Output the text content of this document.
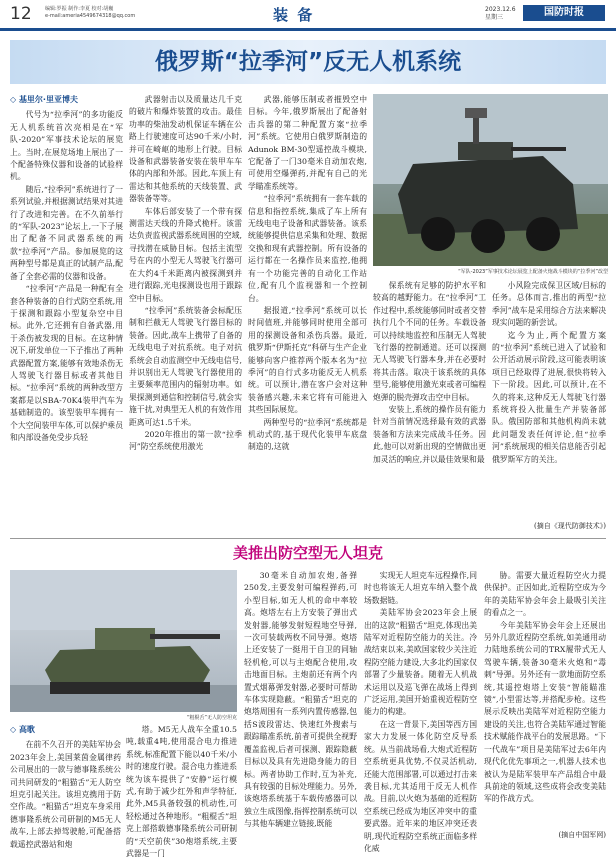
12	编辑:罗振 制作:李夏 校对:胡巍
e-mail:ameria4549674318@qq.com	装 备	2023.12.6
星期三	国防时报
俄罗斯“拉季河”反无人机系统
◇ 基里尔·里亚博夫

代号为“拉季河”的多功能反无人机系统首次亮相是在“军队-2020”军事技术论坛的展览上。当时,在展览场地上展出了一个配备特殊仪器和设备的试验样机。

随后,“拉季河”系统进行了一系列试验,并根据测试结果对其进行了改进和完善。在不久前举行的“军队-2023”论坛上,一下子展出了配备不同武器系统的两款“拉季河”产品。参加展览的这两种型号都是真正的试制产品,配备了全套必需的仪器和设备。

“拉季河”产品是一种配有全套各种装备的自行式防空系统,用于探测和跟踪小型复杂空中目标。此外,它还拥有自备武器,用于杀伤被发现的目标。在这种情况下,研发单位一下子推出了两种武器配置方案,能够有效地杀伤无人驾驶飞行器目标或者其他目标。“拉季河”系统的两种改型方案都是以SBA-70K4装甲汽车为基础制造的。该型装甲车拥有一个大空间装甲车体,可以保护乘员和内部设备免受步兵轻

武器射击以及质量达几千克的破片和爆炸装置的攻击。最佳功率的柴油发动机保证车辆在公路上行驶速度可达90千米/小时,并可在崎岖的地形上行驶。目标设备和武器装备安装在装甲车车体的内部和外部。因此,车顶上有雷达和其他系统的天线装置、武器装备等等。

车体后部安装了一个带有探测雷达天线的升降式桅杆。该雷达负责监视武器系统周围的空域,寻找潜在威胁目标。包括主流型号在内的小型无人驾驶飞行器可在大约4千米距离内被探测到并进行跟踪,光电探测设也用于跟踪空中目标。

“拉季河”系统装备会标配压制和拦截无人驾驶飞行器目标的装备。因此,战车上携带了自备的无线电电子对抗系统。电子对抗系统会自动监测空中无线电信号,并识别出无人驾驶飞行器使用的主要频率范围内的辐射功率。如果探测到通信和控制信号,就会实施干扰,对典型无人机的有效作用距离可达1.5千米。

2020年推出的第一款“拉季河”防空系统使用激光

武器,能够压制或者摧毁空中目标。今年,俄罗斯展出了配备射击兵器的第二种配置方案“拉季河”系统。它使用白俄罗斯制造的Adunok BM-30型遥控战斗模块,它配备了一门30毫米自动加农炮,可使用空爆弹药,并配有自己的光学瞄准系统等。

“拉季河”系统拥有一套车载的信息和指控系统,集成了车上所有无线电电子设备和武器装备。该系统能够提供信息采集和处理、数据交换和现有武器控制。所有设备的运行都在一名操作员来监控,他拥有一个功能完善的自动化工作站位,配有几个监视器和一个控制台。

据报道,“拉季河”系统可以长时间值班,并能够同时使用全部可用的探测设备和杀伤兵器。最近,俄罗斯“伊斯托克”科研与生产企业能够向客户推荐两个版本名为“拉季河”的自行式多功能反无人机系统。可以预计,潜在客户会对这种装备感兴趣,未来它将有可能进入其些国际展览。

两种型号的“拉季河”系统都是机动式的,基于现代化装甲车底盘制造的,这就

“军队-2023”军事技术论坛展览上配备火炮战斗模块的“拉季河”改型

保系统有足够的防护水平和较高的越野能力。在“拉季河”工作过程中,系统能够同时或者交替执行几个不同的任务。车载设备可以持续地监控和压制无人驾驶飞行器的控制通道。还可以探测无人驾驶飞行器本身,并在必要时将其击落。取决于该系统的具体型号,能够使用激光束或者可编程炮弹的脱壳弹攻击空中目标。

安装上,系统的操作员有能力针对当前情况选择最有效的武器装备和方法来完成战斗任务。因此,他可以对新出现的空情做出更加灵活的响应,并以最佳效果和最

小风险完成保卫区域/目标的任务。总体而言,推出的两型“拉季河”战车是采用综合方法来解决现实问题的新尝试。

迄今为止,两个配置方案的“拉季河”系统已进入了试验和公开活动展示阶段,这可能表明该项目已经取得了进展,很快将转入下一阶段。因此,可以预计,在不久的将来,这种反无人驾驶飞行器系统将投入批量生产并装备部队。俄国防部和其他机构尚未就此问题发表任何评论,但“拉季河”系统展现的相关信息能否引起俄罗斯军方的关注。

(摘自《现代防御技术》)
美推出防空型无人坦克
“粗棍舌”无人防空坦克
◇ 高歌

在前不久召开的美陆军协会2023年会上,美国莱茵金属律药公司展出的一款与德事隆系统公司共同研发的“粗猫舌”无人防空坦克引起关注。该坦克携用于防空作战。“粗猫舌”坦克车身采用德事隆系统公司研制的M5无人战车,上部去掉驾驶舱,可配备搭载遥控武器站和炮

塔。M5无人战车全重10.5吨,载重4吨,使用混合电力推进系统,标准配置下能以40千米/小时的速度行驶。混合电力推进系统为该车提供了“安静”运行模式,有助于减少红外和声学特征,此外,M5具备较强的机动性,可轻松通过各种地形。“粗棍舌”坦克上部搭载德事隆系统公司研制的“天空前侠”30炮塔系统,主要武器是一门

30毫米自动加农炮,备弹250发,主要发射可编程弹药,可小型目标,如无人机的命中率较高。炮塔左右上方安装了弹出式发射器,能够发射短程地空导弹,一次可装载两枚不同导弹。炮塔上还安装了一挺用于自卫的同轴轻机枪,可以与主炮配合使用,攻击地面目标。主炮前还有两个内置式烟幕弹发射器,必要时可帮助车体实现隐蔽。“粗猫舌”坦克的炮塔周围有一系列内置传感器,包括S波段雷达、快速红外搜索与跟踪瞄准系统,前者可提供全视野覆盖监视,后者可探测、跟踪隐蔽目标以及具有先进隐身能力的目标。两者协助工作时,互为补充,具有较强的目标处理能力。另外,该炮塔系统基于车载传感器可以独立生成图像,指挥控制系统可以与其他车辆建立链接,既能

实现无人坦克车远程操作,同时也将该无人坦克车纳入整个战场数据链。

美陆军协会2023年会上展出的这款“粗猫舌”坦克,体现出美陆军对近程防空能力的关注。冷战结束以来,美欧国家较少关注近程防空能力建设,大多北约国家仅部署了少量装备。随着无人机战术运用以及巡飞弹在战场上得到广泛运用,美国开始重视近程防空能力的构建。

在这一背景下,美国等西方国家大力发展一体化防空反导系统。从当前战场看,大炮式近程防空系统更具优势,不仅灵活机动,还能大范围部署,可以通过打击来袭目标,尤其适用于反无人机作战。目前,以火炮为基础的近程防空系统已经成为地区冲突中的重要武器。近年来的地区冲突还表明,现代近程防空系统正面临多样化威

胁。需要大量近程防空火力提供保护。正因如此,近程防空成为今年的美陆军协会年会上最吸引关注的看点之一。

今年美陆军协会年会上还展出另外几款近程防空系统,如美通用动力陆地系统公司的TRX履带式无人驾驶车辆,装备30毫米火炮和“毒刺”导弹。另外还有一款地面防空系统,其遥控炮塔上安装“智能瞄准镜”,小型雷达等,并搭配步枪。这些展示反映出美陆军对近程防空能力建设的关注,也符合美陆军通过智能技术赋能作战平台的发展思路。“下一代战车”项目是美陆军过去6年内现代化优先事项之一,机器人技术也被认为是陆军装甲车产品组合中最具前途的领域,这些成将会改变美陆军的作战方式。

(摘自中国军网)
